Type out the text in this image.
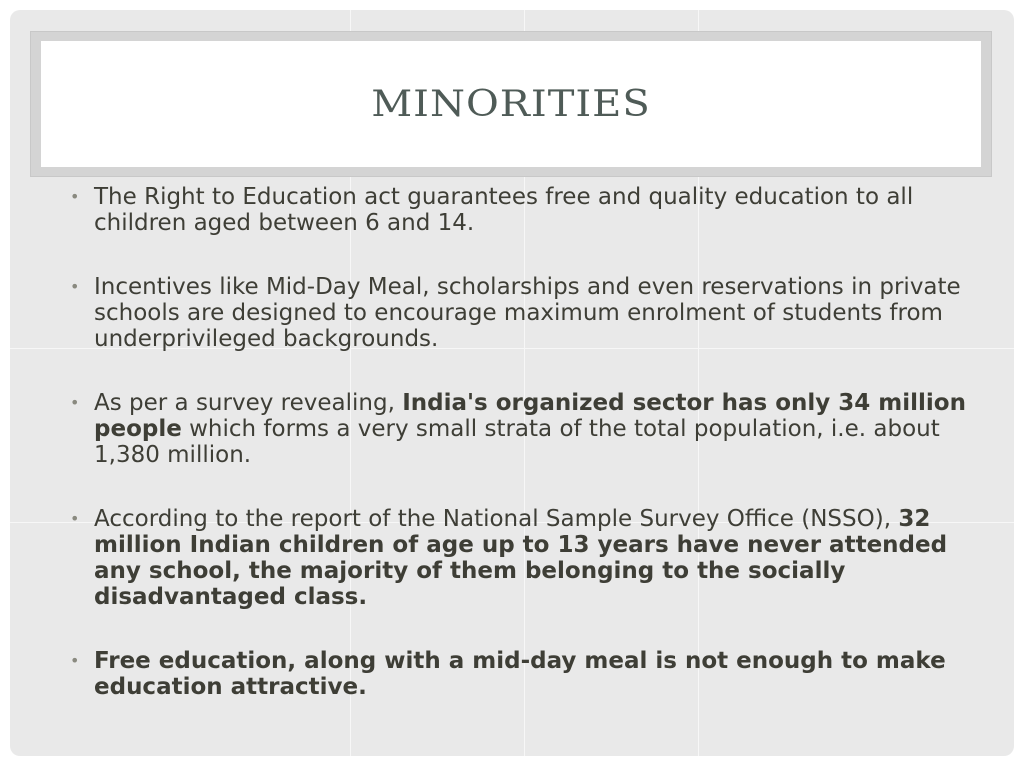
MINORITIES
• The Right to Education act guarantees free and quality education to all children aged between 6 and 14.
• Incentives like Mid-Day Meal, scholarships and even reservations in private schools are designed to encourage maximum enrolment of students from underprivileged backgrounds.
• As per a survey revealing, India's organized sector has only 34 million people which forms a very small strata of the total population, i.e. about 1,380 million.
• According to the report of the National Sample Survey Office (NSSO), 32 million Indian children of age up to 13 years have never attended any school, the majority of them belonging to the socially disadvantaged class.
• Free education, along with a mid-day meal is not enough to make education attractive.
